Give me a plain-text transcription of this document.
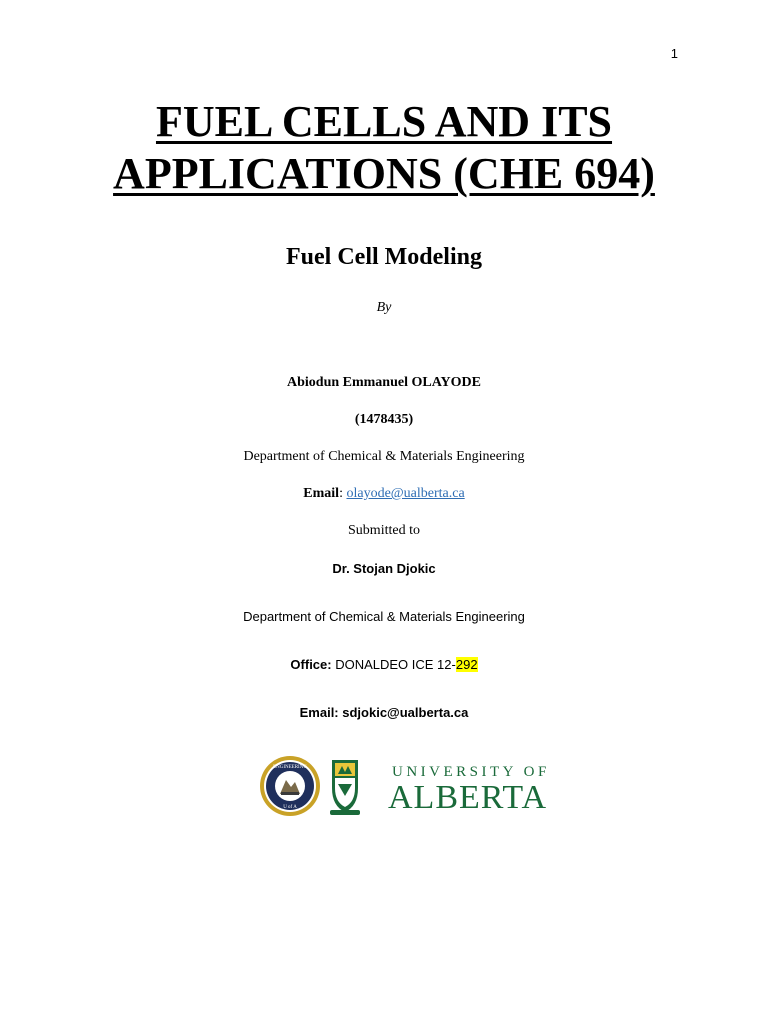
1
FUEL CELLS AND ITS
APPLICATIONS (CHE 694)
Fuel Cell Modeling
By
Abiodun Emmanuel OLAYODE
(1478435)
Department of Chemical & Materials Engineering
Email: olayode@ualberta.ca
Submitted to
Dr. Stojan Djokic
Department of Chemical & Materials Engineering
Office: DONALDEO ICE 12-292
Email: sdjokic@ualberta.ca
ENGINEERING
U of A
UNIVERSITY OF
ALBERTA
